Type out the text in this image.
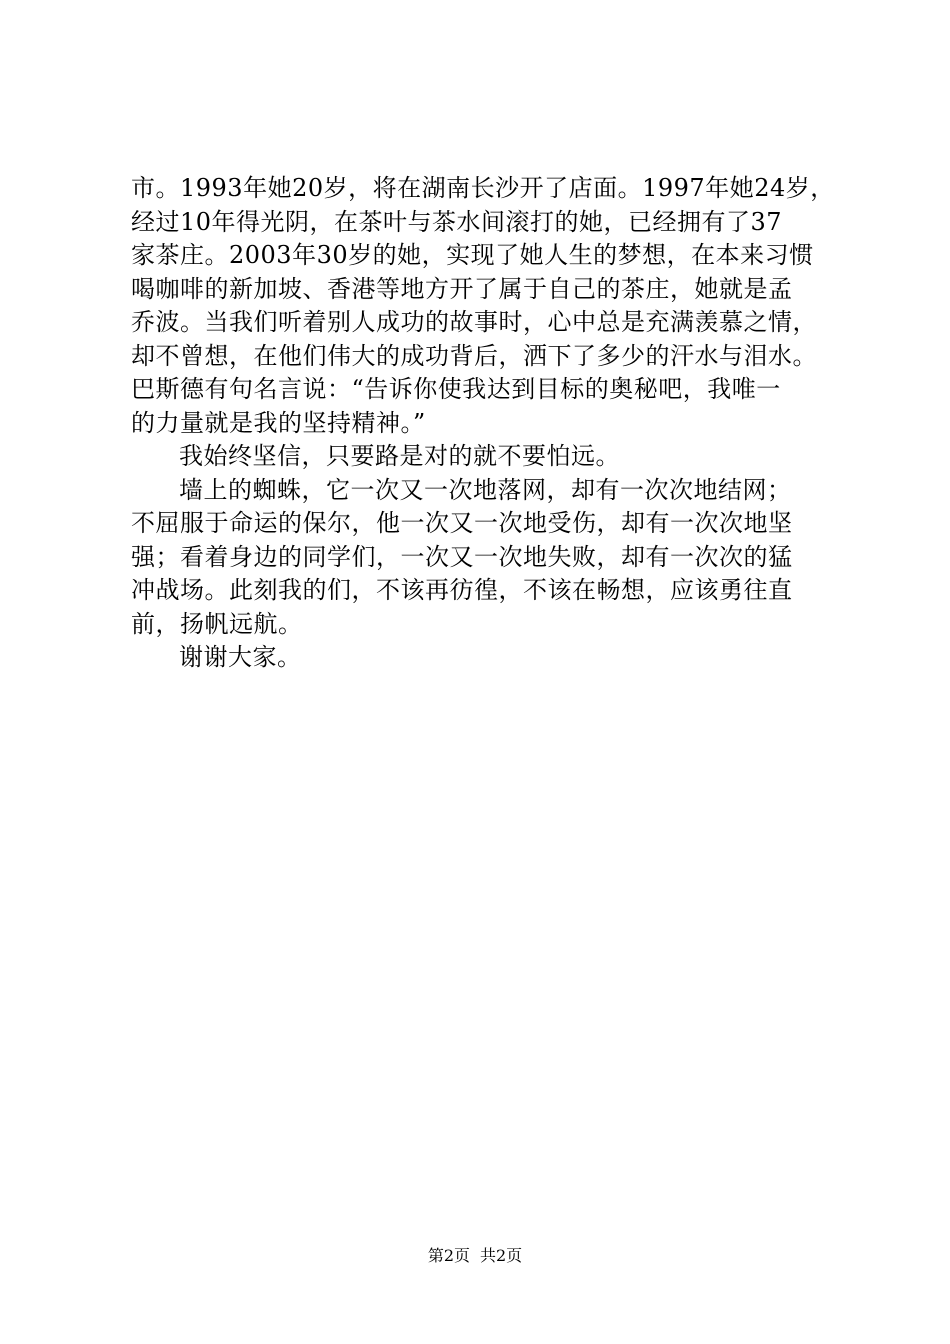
市。1993年她20岁，将在湖南长沙开了店面。1997年她24岁，

经过10年得光阴，在茶叶与茶水间滚打的她，已经拥有了37

家茶庄。2003年30岁的她，实现了她人生的梦想，在本来习惯

喝咖啡的新加坡、香港等地方开了属于自己的茶庄，她就是孟

乔波。当我们听着别人成功的故事时，心中总是充满羡慕之情，

却不曾想，在他们伟大的成功背后，洒下了多少的汗水与泪水。

巴斯德有句名言说：“告诉你使我达到目标的奥秘吧，我唯一

的力量就是我的坚持精神。”

我始终坚信，只要路是对的就不要怕远。

墙上的蜘蛛，它一次又一次地落网，却有一次次地结网；

不屈服于命运的保尔，他一次又一次地受伤，却有一次次地坚

强；看着身边的同学们，一次又一次地失败，却有一次次的猛

冲战场。此刻我的们，不该再彷徨，不该在畅想，应该勇往直

前，扬帆远航。

谢谢大家。

第2页 共2页
